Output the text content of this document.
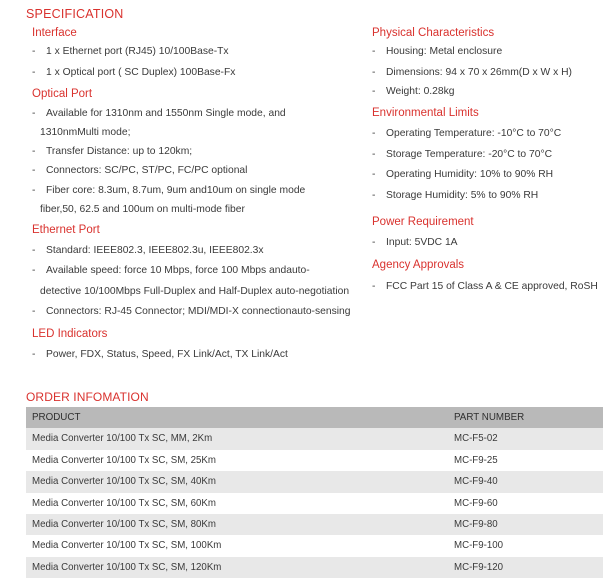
SPECIFICATION
Interface
- 1 x Ethernet port (RJ45) 10/100Base-Tx
- 1 x Optical port ( SC Duplex) 100Base-Fx
Optical Port
- Available for 1310nm and 1550nm Single mode, and
1310nmMulti mode;
- Transfer Distance: up to 120km;
- Connectors: SC/PC, ST/PC, FC/PC optional
- Fiber core: 8.3um, 8.7um, 9um and10um on single mode
fiber,50, 62.5 and 100um on multi-mode fiber
Ethernet Port
- Standard: IEEE802.3, IEEE802.3u, IEEE802.3x
- Available speed: force 10 Mbps, force 100 Mbps andauto-
detective 10/100Mbps Full-Duplex and Half-Duplex auto-negotiation
- Connectors: RJ-45 Connector; MDI/MDI-X connectionauto-sensing
LED Indicators
- Power, FDX, Status, Speed, FX Link/Act, TX Link/Act
Physical Characteristics
- Housing: Metal enclosure
- Dimensions: 94 x 70 x 26mm(D x W x H)
- Weight: 0.28kg
Environmental Limits
- Operating Temperature: -10°C to 70°C
- Storage Temperature: -20°C to 70°C
- Operating Humidity: 10% to 90% RH
- Storage Humidity: 5% to 90% RH
Power Requirement
- Input: 5VDC 1A
Agency Approvals
- FCC Part 15 of Class A & CE approved, RoSH
ORDER INFOMATION
PRODUCT	PART NUMBER
Media Converter 10/100 Tx SC, MM, 2Km	MC-F5-02
Media Converter 10/100 Tx SC, SM, 25Km	MC-F9-25
Media Converter 10/100 Tx SC, SM, 40Km	MC-F9-40
Media Converter 10/100 Tx SC, SM, 60Km	MC-F9-60
Media Converter 10/100 Tx SC, SM, 80Km	MC-F9-80
Media Converter 10/100 Tx SC, SM, 100Km	MC-F9-100
Media Converter 10/100 Tx SC, SM, 120Km	MC-F9-120
